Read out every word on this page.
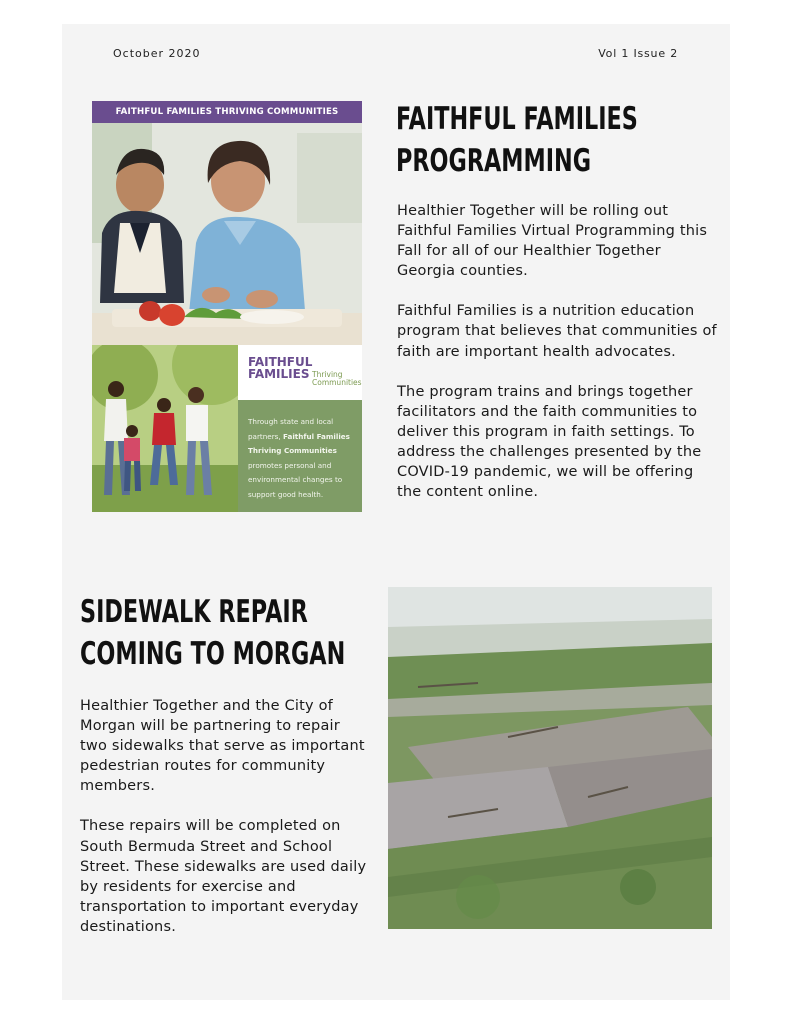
October 2020	Vol 1 Issue 2
FAITHFUL FAMILIES THRIVING COMMUNITIES
FAITHFUL
FAMILIES Thriving
Communities
Through state and local partners, Faithful Families Thriving Communities promotes personal and environmental changes to support good health.
FAITHFUL FAMILIES
PROGRAMMING

Healthier Together will be rolling out Faithful Families Virtual Programming this Fall for all of our Healthier Together Georgia counties.

Faithful Families is a nutrition education program that believes that communities of faith are important health advocates.

The program trains and brings together facilitators and the faith communities to deliver this program in faith settings. To address the challenges presented by the COVID-19 pandemic, we will be offering the content online.

SIDEWALK REPAIR
COMING TO MORGAN

Healthier Together and the City of Morgan will be partnering to repair two sidewalks that serve as important pedestrian routes for community members.

These repairs will be completed on South Bermuda Street and School Street. These sidewalks are used daily by residents for exercise and transportation to important everyday destinations.
